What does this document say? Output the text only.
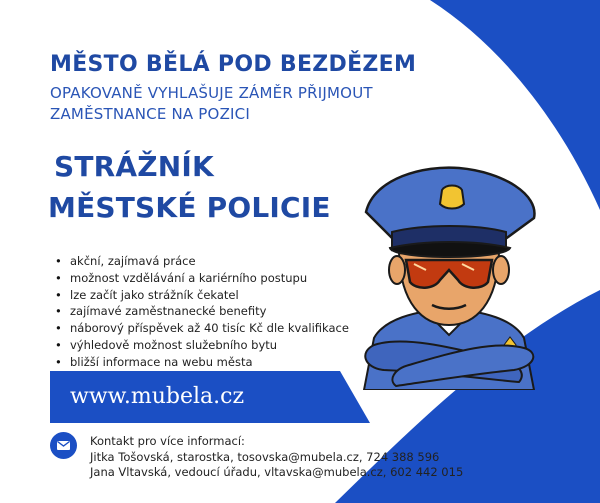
MĚSTO BĚLÁ POD BEZDĚZEM
OPAKOVANĚ VYHLAŠUJE ZÁMĚR PŘIJMOUT
ZAMĚSTNANCE NA POZICI
STRÁŽNÍK
MĚSTSKÉ POLICIE
• akční, zajímavá práce
• možnost vzdělávání a kariérního postupu
• lze začít jako strážník čekatel
• zajímavé zaměstnanecké benefity
• náborový příspěvek až 40 tisíc Kč dle kvalifikace
• výhledově možnost služebního bytu
• bližší informace na webu města
www.mubela.cz
Kontakt pro více informací:
Jitka Tošovská, starostka, tosovska@mubela.cz, 724 388 596
Jana Vltavská, vedoucí úřadu, vltavska@mubela.cz, 602 442 015
